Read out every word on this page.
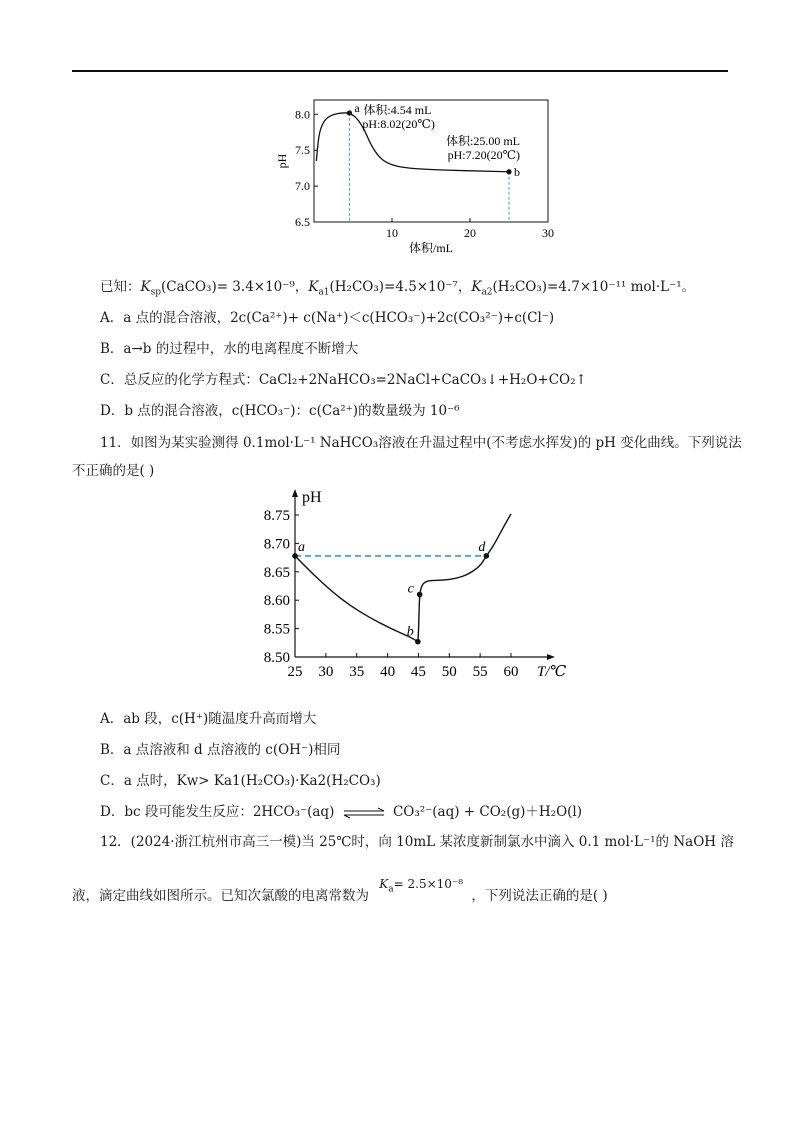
10	20	30
6.5
7.0
7.5
8.0
体积/mL
pH
a
b
体积:4.54 mL
pH:8.02(20℃)
体积:25.00 mL
pH:7.20(20℃)
已知：$K_{sp}(CaCO_3)= 3.4\times 10^{-9}$，$K_{a1}(H_2CO_3)=4.5\times 10^{-7}$，$K_{a2}(H_2CO_3)=4.7\times 10^{-11}$ mol·L⁻¹。
A．a 点的混合溶液，2c(Ca²⁺)+ c(Na⁺)＜c(HCO₃⁻)+2c(CO₃²⁻)+c(Cl⁻)
B．a→b 的过程中，水的电离程度不断增大
C．总反应的化学方程式：CaCl₂+2NaHCO₃=2NaCl+CaCO₃↓+H₂O+CO₂↑
D．b 点的混合溶液，c(HCO₃⁻)：c(Ca²⁺)的数量级为 10⁻⁶
11．如图为某实验测得 0.1mol·L⁻¹ NaHCO₃溶液在升温过程中(不考虑水挥发)的 pH 变化曲线。下列说法
不正确的是( )
25 30 35 40 45 50 55 60
8.50
8.55
8.60
8.65
8.70
8.75
T/℃
pH
a
b
c
d
A．ab 段，c(H⁺)随温度升高而增大
B．a 点溶液和 d 点溶液的 c(OH⁻)相同
C．a 点时，Kw> Ka1(H₂CO₃)·Ka2(H₂CO₃)
D．bc 段可能发生反应：2HCO₃⁻(aq) ⇌ CO₃²⁻(aq) + CO₂(g)＋H₂O(l)
12．(2024·浙江杭州市高三一模)当 25℃时，向 10mL 某浓度新制氯水中滴入 0.1 mol·L⁻¹的 NaOH 溶
液，滴定曲线如图所示。已知次氯酸的电离常数为 $K_a= 2.5\times 10^{-8}$ ，下列说法正确的是( )
